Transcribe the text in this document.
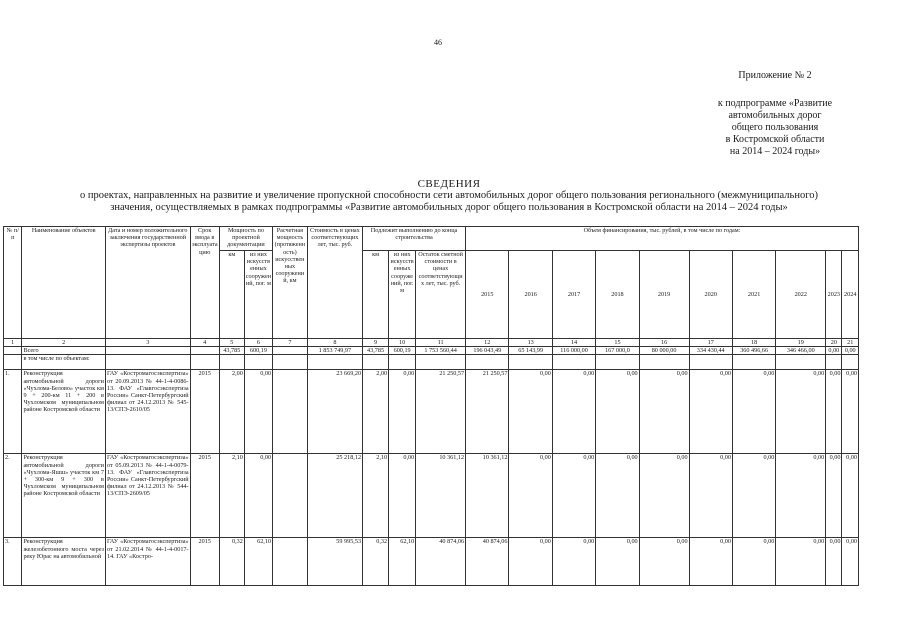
46
Приложение № 2
к подпрограмме «Развитие
автомобильных дорог
общего пользования
в Костромской области
на 2014 – 2024 годы»
СВЕДЕНИЯ
о проектах, направленных на развитие и увеличение пропускной способности сети автомобильных дорог общего пользования регионального (межмуниципального)
значения, осуществляемых в рамках подпрограммы «Развитие автомобильных дорог общего пользования в Костромской области на 2014 – 2024 годы»
№ п/п	Наименование объектов	Дата и номер положительного заключения государственной экспертизы проектов	Срок ввода в эксплуатацию	Мощность по проектной документации		Расчетная мощность (протяженность) искусственных сооружений, км	Стоимость в ценах соответствующих лет, тыс. руб.	Подлежит выполнению до конца строительства			Объем финансирования, тыс. рублей, в том числе по годам:									
				км	из них искусственных сооружений, пог. м			км	из них искусственных сооружений, пог. м	Остаток сметной стоимости в ценах соответствующих лет, тыс. руб.	2015	2016	2017	2018	2019	2020	2021	2022	2023	2024
1	2	3	4	5	6	7	8	9	10	11	12	13	14	15	16	17	18	19	20	21
	Всего			43,785	600,19		1 853 749,97	43,785	600,19	1 753 560,44	196 043,49	65 143,99	116 000,00	167 000,0	80 000,00	334 430,44	360 496,66	346 466,00	0,00	0,00
	в том числе по объектам:																			
1.	Реконструкция автомобильной дороги «Чухлома-Белово» участок км 9 + 200-км 11 + 200 в Чухломском муниципальном районе Костромской области	ГАУ «Костромагосэкспертиза» от 20.09.2013 № 44-1-4-0086-13. ФАУ «Главгосэкспертиза России» Санкт-Петербургский филиал от 24.12.2013 № 545-13/СПЭ-2610/05	2015	2,00	0,00		23 669,20	2,00	0,00	21 250,57	21 250,57	0,00	0,00	0,00	0,00	0,00	0,00	0,00	0,00	0,00
2.	Реконструкция автомобильной дороги «Чухлома-Яшш» участок км 7 + 300-км 9 + 300 в Чухломском муниципальном районе Костромской области	ГАУ «Костромагосэкспертиза» от 05.09.2013 № 44-1-4-0079-13. ФАУ «Главгосэкспертиза России» Санкт-Петербургский филиал от 24.12.2013 № 544-13/СПЭ-2609/05	2015	2,10	0,00		25 218,12	2,10	0,00	10 361,12	10 361,12	0,00	0,00	0,00	0,00	0,00	0,00	0,00	0,00	0,00
3.	Реконструкция железобетонного моста через реку Юрас на автомобильной	ГАУ «Костромагосэкспертиза» от 21.02.2014 № 44-1-4-0017-14. ГАУ «Костро-	2015	0,32	62,10		59 995,53	0,32	62,10	40 874,06	40 874,06	0,00	0,00	0,00	0,00	0,00	0,00	0,00	0,00	0,00
